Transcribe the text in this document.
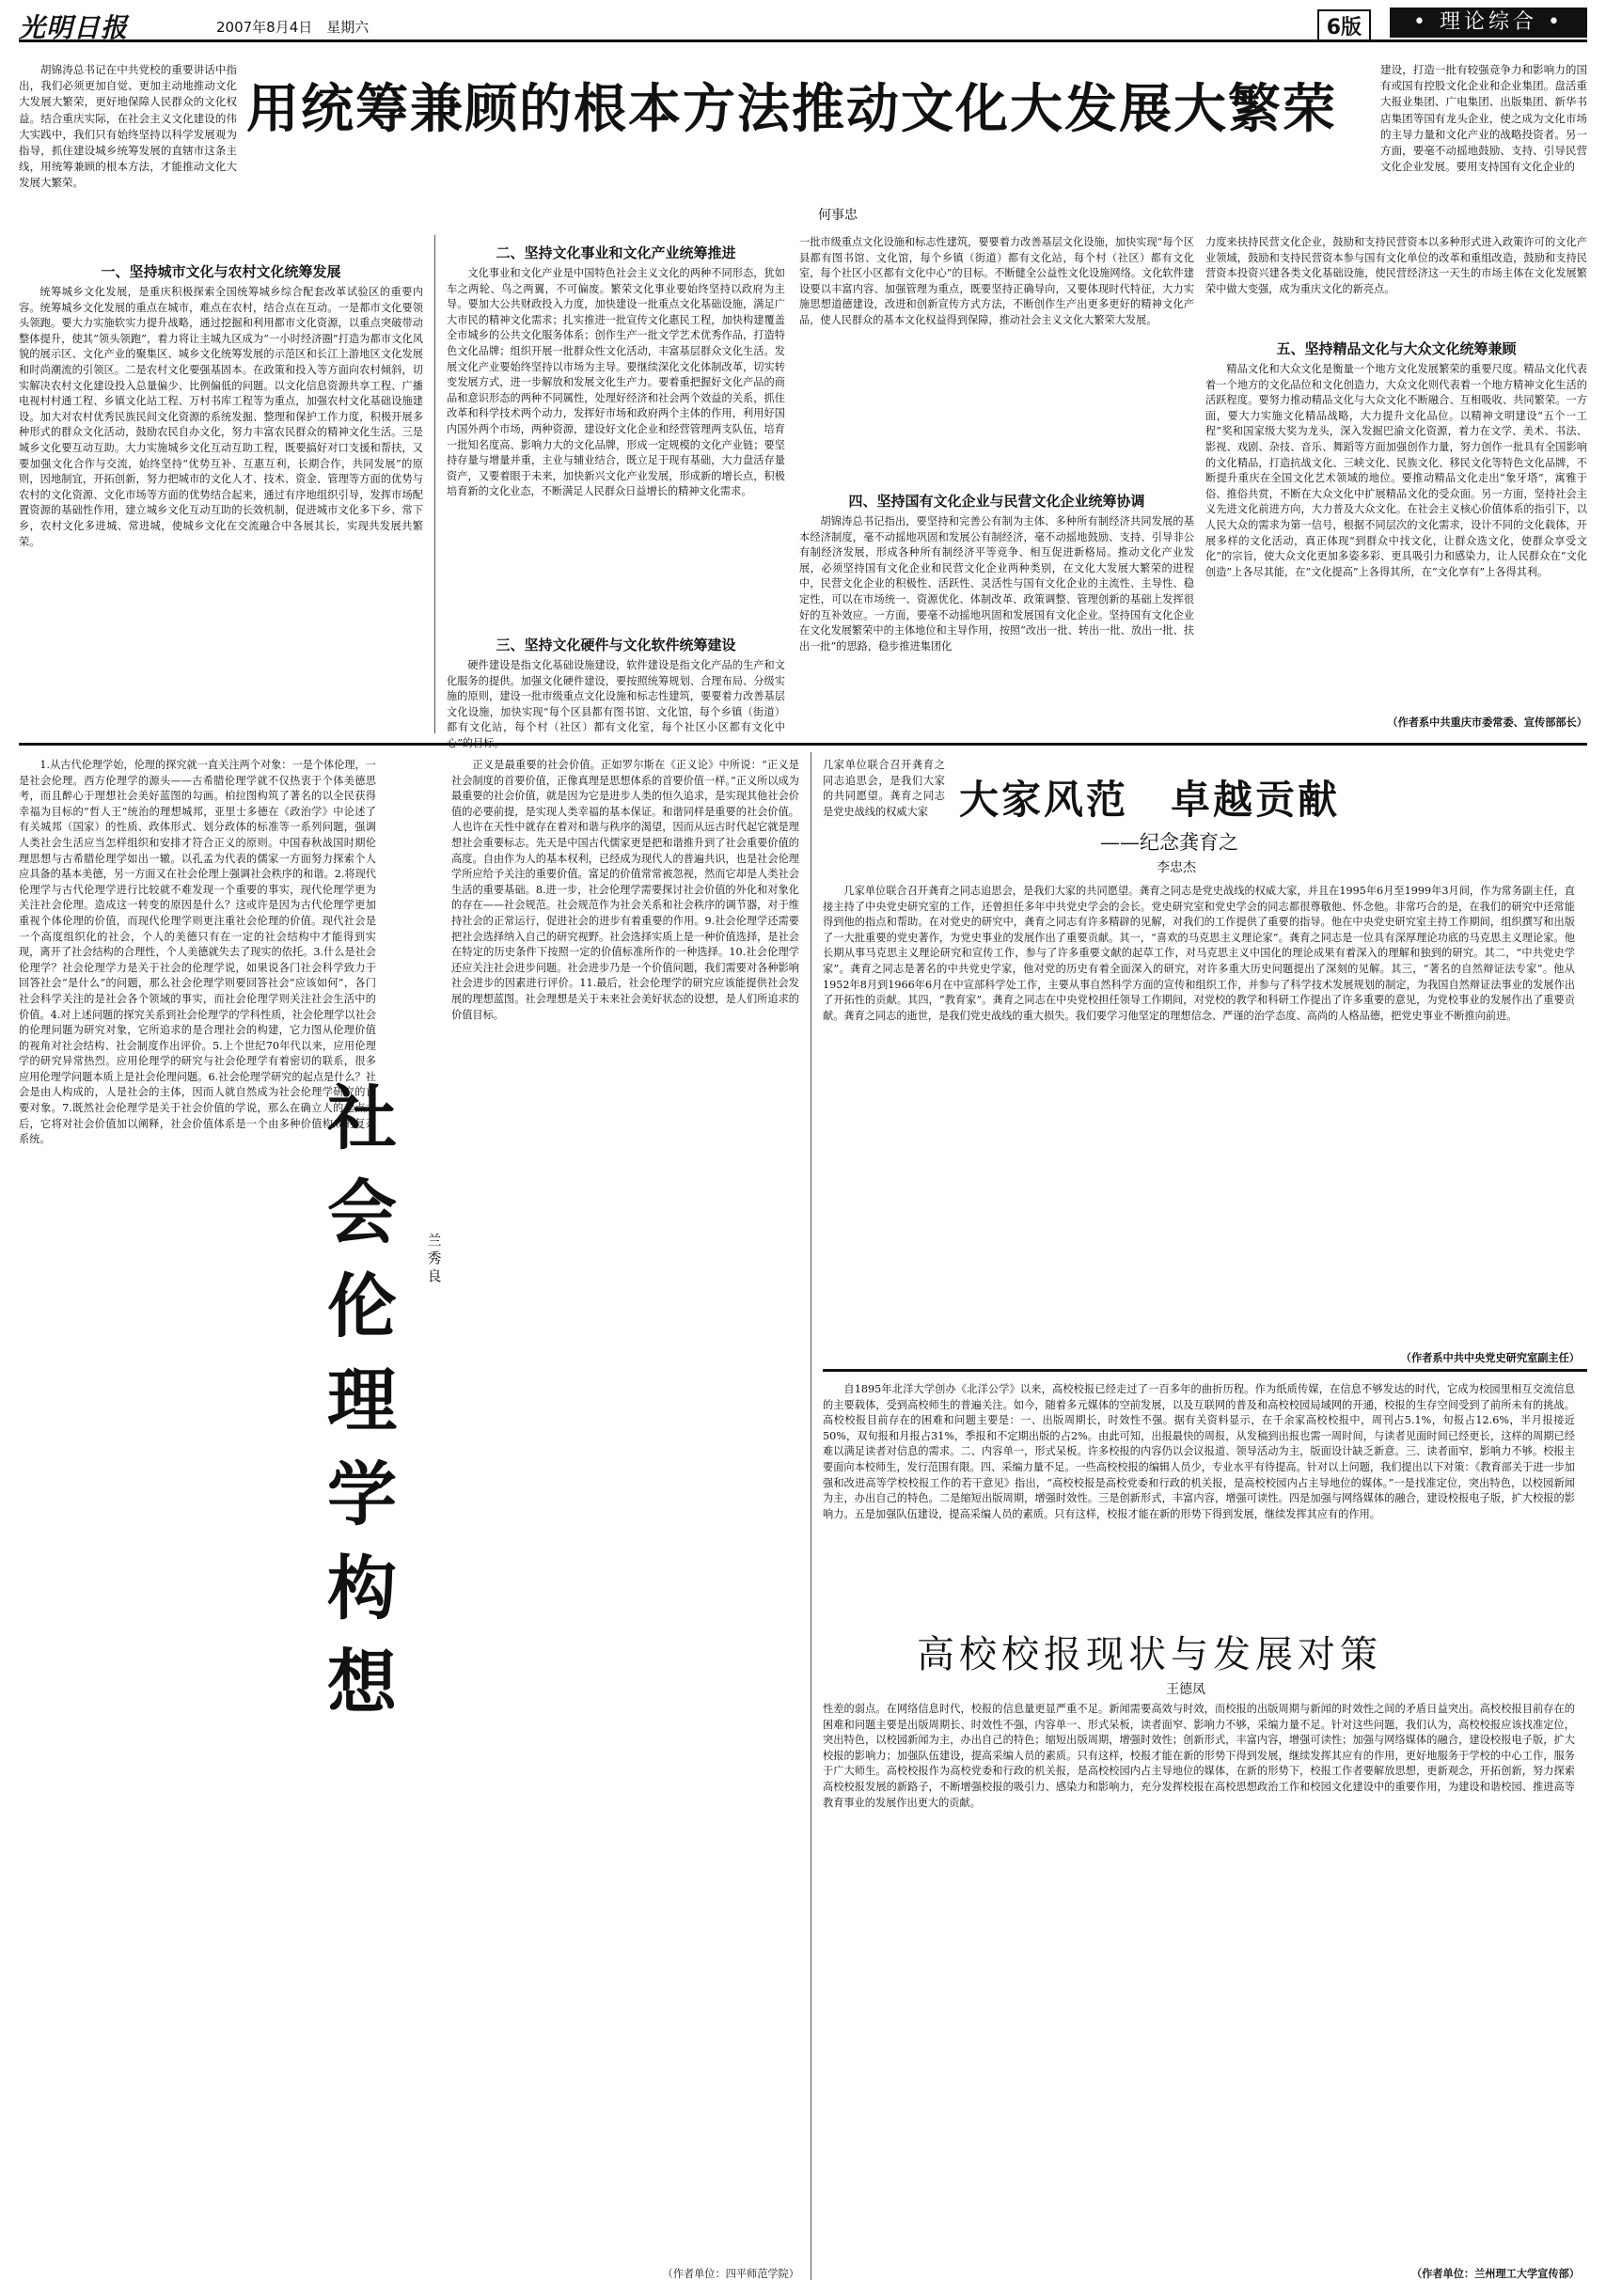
光明日报	2007年8月4日　星期六	6版	• 理论综合 •

胡锦涛总书记在中共党校的重要讲话中指出，我们必须更加自觉、更加主动地推动文化大发展大繁荣，更好地保障人民群众的文化权益。结合重庆实际，在社会主义文化建设的伟大实践中，我们只有始终坚持以科学发展观为指导，抓住建设城乡统筹发展的直辖市这条主线，用统筹兼顾的根本方法，才能推动文化大发展大繁荣。

用统筹兼顾的根本方法推动文化大发展大繁荣

建设，打造一批有较强竞争力和影响力的国有或国有控股文化企业和企业集团。盘活重大报业集团、广电集团、出版集团、新华书店集团等国有龙头企业，使之成为文化市场的主导力量和文化产业的战略投资者。另一方面，要毫不动摇地鼓励、支持、引导民营文化企业发展。要用支持国有文化企业的

何事忠
一、坚持城市文化与农村文化统筹发展

统筹城乡文化发展，是重庆积极探索全国统筹城乡综合配套改革试验区的重要内容。统筹城乡文化发展的重点在城市，难点在农村，结合点在互动。一是都市文化要领头领跑。要大力实施软实力提升战略，通过挖掘和利用都市文化资源，以重点突破带动整体提升，使其“领头领跑”，着力将让主城九区成为“一小时经济圈”打造为都市文化风貌的展示区、文化产业的聚集区、城乡文化统筹发展的示范区和长江上游地区文化发展和时尚潮流的引领区。二是农村文化要强基固本。在政策和投入等方面向农村倾斜，切实解决农村文化建设投入总量偏少、比例偏低的问题。以文化信息资源共享工程、广播电视村村通工程、乡镇文化站工程、万村书库工程等为重点，加强农村文化基础设施建设。加大对农村优秀民族民间文化资源的系统发掘、整理和保护工作力度，积极开展多种形式的群众文化活动，鼓励农民自办文化，努力丰富农民群众的精神文化生活。三是城乡文化要互动互助。大力实施城乡文化互动互助工程，既要搞好对口支援和帮扶，又要加强文化合作与交流，始终坚持“优势互补、互惠互利，长期合作，共同发展”的原则，因地制宜，开拓创新，努力把城市的文化人才、技术、资金、管理等方面的优势与农村的文化资源、文化市场等方面的优势结合起来，通过有序地组织引导，发挥市场配置资源的基础性作用，建立城乡文化互动互助的长效机制，促进城市文化多下乡、常下乡，农村文化多进城、常进城，使城乡文化在交流融合中各展其长，实现共发展共繁荣。

二、坚持文化事业和文化产业统筹推进

文化事业和文化产业是中国特色社会主义文化的两种不同形态，犹如车之两轮、鸟之两翼，不可偏废。繁荣文化事业要始终坚持以政府为主导。要加大公共财政投入力度，加快建设一批重点文化基础设施，满足广大市民的精神文化需求；扎实推进一批宣传文化惠民工程，加快构建覆盖全市城乡的公共文化服务体系；创作生产一批文学艺术优秀作品，打造特色文化品牌；组织开展一批群众性文化活动，丰富基层群众文化生活。发展文化产业要始终坚持以市场为主导。要继续深化文化体制改革，切实转变发展方式，进一步解放和发展文化生产力。要着重把握好文化产品的商品和意识形态的两种不同属性，处理好经济和社会两个效益的关系，抓住改革和科学技术两个动力，发挥好市场和政府两个主体的作用，利用好国内国外两个市场，两种资源，建设好文化企业和经营管理两支队伍，培育一批知名度高、影响力大的文化品牌，形成一定规模的文化产业链；要坚持存量与增量并重，主业与辅业结合，既立足于现有基础，大力盘活存量资产，又要着眼于未来，加快新兴文化产业发展，形成新的增长点，积极培育新的文化业态，不断满足人民群众日益增长的精神文化需求。

三、坚持文化硬件与文化软件统筹建设

硬件建设是指文化基础设施建设，软件建设是指文化产品的生产和文化服务的提供。加强文化硬件建设，要按照统筹规划、合理布局、分级实施的原则，建设一批市级重点文化设施和标志性建筑，要要着力改善基层文化设施，加快实现“每个区县都有图书馆、文化馆，每个乡镇（街道）都有文化站，每个村（社区）都有文化室，每个社区小区都有文化中

一批市级重点文化设施和标志性建筑，要要着力改善基层文化设施，加快实现“每个区县都有图书馆、文化馆，每个乡镇（街道）都有文化站，每个村（社区）都有文化室，每个社区小区都有文化中心”的目标。不断健全公益性文化设施网络。文化软件建设要以丰富内容、加强管理为重点，既要坚持正确导向，又要体现时代特征，大力实施思想道德建设，改进和创新宣传方式方法，不断创作生产出更多更好的精神文化产品，使人民群众的基本文化权益得到保障，推动社会主义文化大繁荣大发展。

四、坚持国有文化企业与民营文化企业统筹协调

胡锦涛总书记指出，要坚持和完善公有制为主体、多种所有制经济共同发展的基本经济制度，毫不动摇地巩固和发展公有制经济，毫不动摇地鼓励、支持、引导非公有制经济发展，形成各种所有制经济平等竞争、相互促进新格局。推动文化产业发展，必须坚持国有文化企业和民营文化企业两种类别，在文化大发展大繁荣的进程中，民营文化企业的积极性、活跃性、灵活性与国有文化企业的主流性、主导性、稳定性，可以在市场统一、资源优化、体制改革、政策调整、管理创新的基础上发挥很好的互补效应。一方面，要毫不动摇地巩固和发展国有文化企业。坚持国有文化企业在文化发展繁荣中的主体地位和主导作用，按照“改出一批、转出一批、放出一批、扶出一批”的思路，稳步推进集团化

力度来扶持民营文化企业，鼓励和支持民营资本以多种形式进入政策许可的文化产业领域，鼓励和支持民营资本参与国有文化单位的改革和重组改造，鼓励和支持民营资本投资兴建各类文化基础设施，使民营经济这一天生的市场主体在文化发展繁荣中做大变强，成为重庆文化的新亮点。

五、坚持精品文化与大众文化统筹兼顾

精品文化和大众文化是衡量一个地方文化发展繁荣的重要尺度。精品文化代表着一个地方的文化品位和文化创造力，大众文化则代表着一个地方精神文化生活的活跃程度。要努力推动精品文化与大众文化不断融合、互相吸收、共同繁荣。一方面，要大力实施文化精品战略，大力提升文化品位。以精神文明建设“五个一工程”奖和国家级大奖为龙头，深入发掘巴渝文化资源，着力在文学、美术、书法、影视、戏剧、杂技、音乐、舞蹈等方面加强创作力量，努力创作一批具有全国影响的文化精品，打造抗战文化、三峡文化、民族文化、移民文化等特色文化品牌，不断提升重庆在全国文化艺术领域的地位。要推动精品文化走出“象牙塔”，寓雅于俗、推俗共赏，不断在大众文化中扩展精品文化的受众面。另一方面，坚持社会主义先进文化前进方向，大力普及大众文化。在社会主义核心价值体系的指引下，以人民大众的需求为第一信号，根据不同层次的文化需求，设计不同的文化载体，开展多样的文化活动，真正体现“到群众中找文化，让群众选文化，使群众享受文化”的宗旨，使大众文化更加多姿多彩、更具吸引力和感染力，让人民群众在“文化创造”上各尽其能，在“文化提高”上各得其所，在“文化享有”上各得其利。

（作者系中共重庆市委常委、宣传部部长）

1.从古代伦理学始，伦理的探究就一直关注两个对象：一是个体伦理，一是社会伦理。西方伦理学的源头——古希腊伦理学就不仅热衷于个体美德思考，而且醉心于理想社会美好蓝图的勾画。柏拉图构筑了著名的以全民获得幸福为目标的“哲人王”统治的理想城邦，亚里士多德在《政治学》中论述了有关城邦（国家）的性质、政体形式、划分政体的标准等一系列问题，强调人类社会生活应当怎样组织和安排才符合正义的原则。中国春秋战国时期伦理思想与古希腊伦理学如出一辙。以孔孟为代表的儒家一方面努力探索个人应具备的基本美德，另一方面又在社会伦理上强调社会秩序的和谐。2.将现代伦理学与古代伦理学进行比较就不难发现一个重要的事实，现代伦理学更为关注社会伦理。造成这一转变的原因是什么？这或许是因为古代伦理学更加重视个体伦理的价值，而现代伦理学则更注重社会伦理的价值。现代社会是一个高度组织化的社会，个人的美德只有在一定的社会结构中才能得到实现，离开了社会结构的合理性，个人美德就失去了现实的依托。3.什么是社会伦理学？社会伦理学力是关于社会的伦理学说，如果说各门社会科学致力于回答社会“是什么”的问题，那么社会伦理学则要回答社会“应该如何”，各门社会科学关注的是社会各个领域的事实，而社会伦理学则关注社会生活中的价值。4.对上述问题的探究关系到社会伦理学的学科性质，社会伦理学以社会的伦理问题为研究对象，它所追求的是合理社会的构建，它力图从伦理价值的视角对社会结构、社会制度作出评价。5.上个世纪70年代以来，应用伦理学的研究异常热烈。应用伦理学的研究与社会伦理学有着密切的联系，很多应用伦理学问题本质上是社会伦理问题。6.社会伦理学研究的起点是什么？社会是由人构成的，人是社会的主体，因而人就自然成为社会伦理学研究的首要对象。7.既然社会伦理学是关于社会价值的学说，那么在确立人的起点之后，它将对社会价值加以阐释，社会价值体系是一个由多种价值构成的复杂系统。	社
会
伦
理
学
构
想
兰
秀
良

正义是最重要的社会价值。正如罗尔斯在《正义论》中所说：“正义是社会制度的首要价值，正像真理是思想体系的首要价值一样。”正义所以成为最重要的社会价值，就是因为它是进步人类的恒久追求，是实现其他社会价值的必要前提，是实现人类幸福的基本保证。和谐同样是重要的社会价值。人也许在天性中就存在着对和谐与秩序的渴望，因而从远古时代起它就是理想社会重要标志。先天是中国古代儒家更是把和谐推升到了社会重要价值的高度。自由作为人的基本权利，已经成为现代人的普遍共识，也是社会伦理学所应给予关注的重要价值。富足的价值常常被忽视，然而它却是人类社会生活的重要基础。8.进一步，社会伦理学需要探讨社会价值的外化和对象化的存在——社会规范。社会规范作为社会关系和社会秩序的调节器，对于维持社会的正常运行，促进社会的进步有着重要的作用。9.社会伦理学还需要把社会选择纳入自己的研究视野。社会选择实质上是一种价值选择，是社会在特定的历史条件下按照一定的价值标准所作的一种选择。10.社会伦理学还应关注社会进步问题。社会进步乃是一个价值问题，我们需要对各种影响社会进步的因素进行评价。11.最后，社会伦理学的研究应该能提供社会发展的理想蓝图。社会理想是关于未来社会美好状态的设想，是人们所追求的价值目标。

（作者单位：四平师范学院）
大家风范　卓越贡献
——纪念龚育之
李忠杰

几家单位联合召开龚育之同志追思会，是我们大家的共同愿望。龚育之同志是党史战线的权威大家

几家单位联合召开龚育之同志追思会，是我们大家的共同愿望。龚育之同志是党史战线的权威大家，并且在1995年6月至1999年3月间，作为常务副主任，直接主持了中央党史研究室的工作，还曾担任多年中共党史学会的会长。党史研究室和党史学会的同志都很尊敬他、怀念他。非常巧合的是，在我们的研究中还常能得到他的指点和帮助。在对党史的研究中，龚育之同志有许多精辟的见解，对我们的工作提供了重要的指导。他在中央党史研究室主持工作期间，组织撰写和出版了一大批重要的党史著作，为党史事业的发展作出了重要贡献。其一，“喜欢的马克思主义理论家”。龚育之同志是一位具有深厚理论功底的马克思主义理论家。他长期从事马克思主义理论研究和宣传工作，参与了许多重要文献的起草工作，对马克思主义中国化的理论成果有着深入的理解和独到的研究。其二，“中共党史学家”。龚育之同志是著名的中共党史学家，他对党的历史有着全面深入的研究，对许多重大历史问题提出了深刻的见解。其三，“著名的自然辩证法专家”。他从1952年8月到1966年6月在中宣部科学处工作，主要从事自然科学方面的宣传和组织工作，并参与了科学技术发展规划的制定，为我国自然辩证法事业的发展作出了开拓性的贡献。其四，“教育家”。龚育之同志在中央党校担任领导工作期间，对党校的教学和科研工作提出了许多重要的意见，为党校事业的发展作出了重要贡献。龚育之同志的逝世，是我们党史战线的重大损失。我们要学习他坚定的理想信念、严谨的治学态度、高尚的人格品德，把党史事业不断推向前进。

（作者系中共中央党史研究室副主任）
高校校报现状与发展对策
王德凤

自1895年北洋大学创办《北洋公学》以来，高校校报已经走过了一百多年的曲折历程。作为纸质传媒，在信息不够发达的时代，它成为校园里相互交流信息的主要载体，受到高校师生的普遍关注。如今，随着多元媒体的空前发展，以及互联网的普及和高校校园局域网的开通，校报的生存空间受到了前所未有的挑战。高校校报目前存在的困难和问题主要是：一、出版周期长，时效性不强。据有关资料显示，在千余家高校校报中，周刊占5.1%，旬报占12.6%，半月报接近50%，双旬报和月报占31%，季报和不定期出版的占2%。由此可知，出报最快的周报，从发稿到出报也需一周时间，与读者见面时间已经更长，这样的周期已经难以满足读者对信息的需求。二、内容单一，形式呆板。许多校报的内容仍以会议报道、领导活动为主，版面设计缺乏新意。三、读者面窄，影响力不够。校报主要面向本校师生，发行范围有限。四、采编力量不足。一些高校校报的编辑人员少，专业水平有待提高。针对以上问题，我们提出以下对策：《教育部关于进一步加强和改进高等学校校报工作的若干意见》指出，“高校校报是高校党委和行政的机关报，是高校校园内占主导地位的媒体。”一是找准定位，突出特色，以校园新闻为主，办出自己的特色。二是缩短出版周期，增强时效性。三是创新形式，丰富内容，增强可读性。四是加强与网络媒体的融合，建设校报电子版，扩大校报的影响力。五是加强队伍建设，提高采编人员的素质。只有这样，校报才能在新的形势下得到发展，继续发挥其应有的作用。

性差的弱点。在网络信息时代，校报的信息量更显严重不足。新闻需要高效与时效，而校报的出版周期与新闻的时效性之间的矛盾日益突出。高校校报目前存在的困难和问题主要是出版周期长、时效性不强，内容单一、形式呆板，读者面窄、影响力不够，采编力量不足。针对这些问题，我们认为，高校校报应该找准定位，突出特色，以校园新闻为主，办出自己的特色；缩短出版周期，增强时效性；创新形式，丰富内容，增强可读性；加强与网络媒体的融合，建设校报电子版，扩大校报的影响力；加强队伍建设，提高采编人员的素质。只有这样，校报才能在新的形势下得到发展，继续发挥其应有的作用，更好地服务于学校的中心工作，服务于广大师生。高校校报作为高校党委和行政的机关报，是高校校园内占主导地位的媒体，在新的形势下，校报工作者要解放思想，更新观念，开拓创新，努力探索高校校报发展的新路子，不断增强校报的吸引力、感染力和影响力，充分发挥校报在高校思想政治工作和校园文化建设中的重要作用，为建设和谐校园、推进高等教育事业的发展作出更大的贡献。

（作者单位：兰州理工大学宣传部）
